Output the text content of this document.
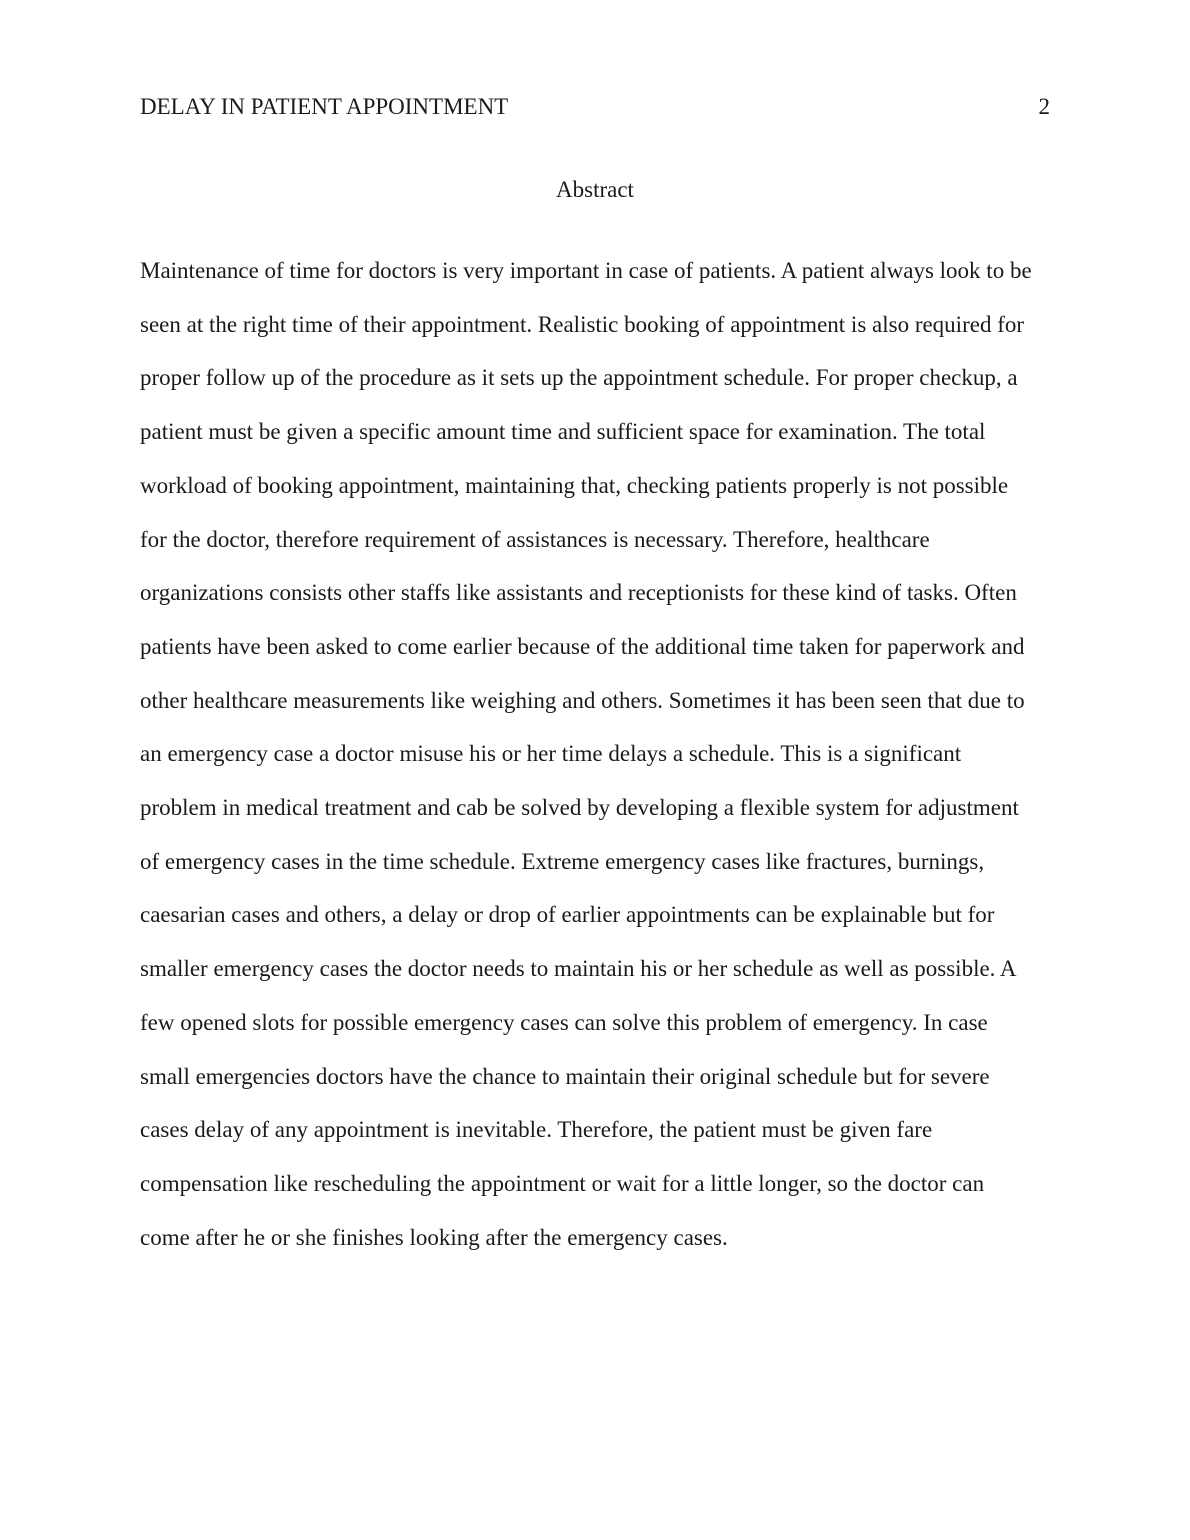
DELAY IN PATIENT APPOINTMENT	2
Abstract
Maintenance of time for doctors is very important in case of patients. A patient always look to be
seen at the right time of their appointment. Realistic booking of appointment is also required for
proper follow up of the procedure as it sets up the appointment schedule. For proper checkup, a
patient must be given a specific amount time and sufficient space for examination. The total
workload of booking appointment, maintaining that, checking patients properly is not possible
for the doctor, therefore requirement of assistances is necessary. Therefore, healthcare
organizations consists other staffs like assistants and receptionists for these kind of tasks. Often
patients have been asked to come earlier because of the additional time taken for paperwork and
other healthcare measurements like weighing and others. Sometimes it has been seen that due to
an emergency case a doctor misuse his or her time delays a schedule. This is a significant
problem in medical treatment and cab be solved by developing a flexible system for adjustment
of emergency cases in the time schedule. Extreme emergency cases like fractures, burnings,
caesarian cases and others, a delay or drop of earlier appointments can be explainable but for
smaller emergency cases the doctor needs to maintain his or her schedule as well as possible. A
few opened slots for possible emergency cases can solve this problem of emergency. In case
small emergencies doctors have the chance to maintain their original schedule but for severe
cases delay of any appointment is inevitable. Therefore, the patient must be given fare
compensation like rescheduling the appointment or wait for a little longer, so the doctor can
come after he or she finishes looking after the emergency cases.
